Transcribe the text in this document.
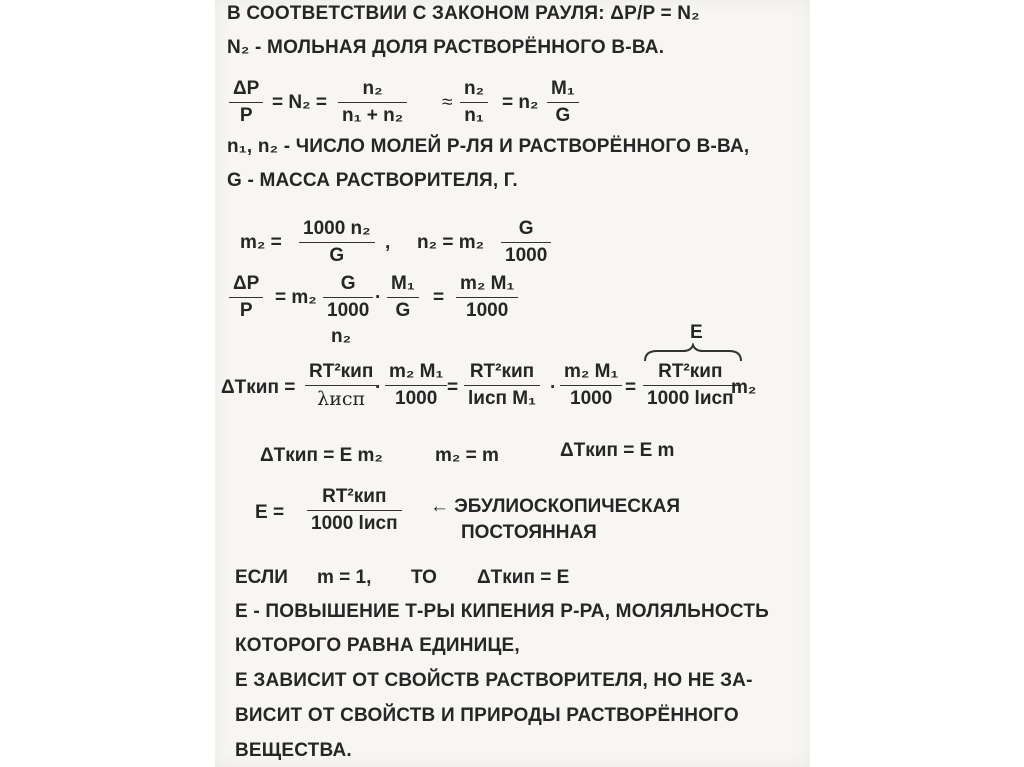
В СООТВЕТСТВИИ С ЗАКОНОМ РАУЛЯ: ΔP/P = N₂
N₂ - МОЛЬНАЯ ДОЛЯ РАСТВОРЁННОГО В-ВА.
$\frac{\Delta P}{P} = N_2 = \frac{\text{n₂}}{\text{n₁ + n₂}} \approx \frac{\text{n₂}}{\text{n₁}} = n_2 \frac{\text{M₁}}{G}$
n₁, n₂ - ЧИСЛО МОЛЕЙ Р-ЛЯ И РАСТВОРЁННОГО В-ВА,
G - МАССА РАСТВОРИТЕЛЯ, Г.
$m_2 = \frac{\text{1000 n₂}}{G}$ , $n_2 = m_2 \frac{G}{1000}$
$\frac{\Delta P}{P} = m_2 \frac{G}{1000} \cdot \frac{\text{M₁}}{G} = \frac{\text{m₂ M₁}}{1000}$
n₂	E
ΔTкип =
RT²кип
λисп
· $\frac{\text{m₂ M₁}}{1000}$ =
RT²кип
lисп M₁
· $\frac{\text{m₂ M₁}}{1000}$ =
RT²кип
1000 lисп
m₂
ΔTкип = E m₂	m₂ = m	ΔTкип = E m
E =
RT²кип
1000 lисп
← ЭБУЛИОСКОПИЧЕСКАЯ
ПОСТОЯННАЯ
ЕСЛИ m = 1, ТО ΔTкип = E
E - ПОВЫШЕНИЕ Т-РЫ КИПЕНИЯ Р-РА, МОЛЯЛЬНОСТЬ
КОТОРОГО РАВНА ЕДИНИЦЕ,
E ЗАВИСИТ ОТ СВОЙСТВ РАСТВОРИТЕЛЯ, НО НЕ ЗА-
ВИСИТ ОТ СВОЙСТВ И ПРИРОДЫ РАСТВОРЁННОГО
ВЕЩЕСТВА.
